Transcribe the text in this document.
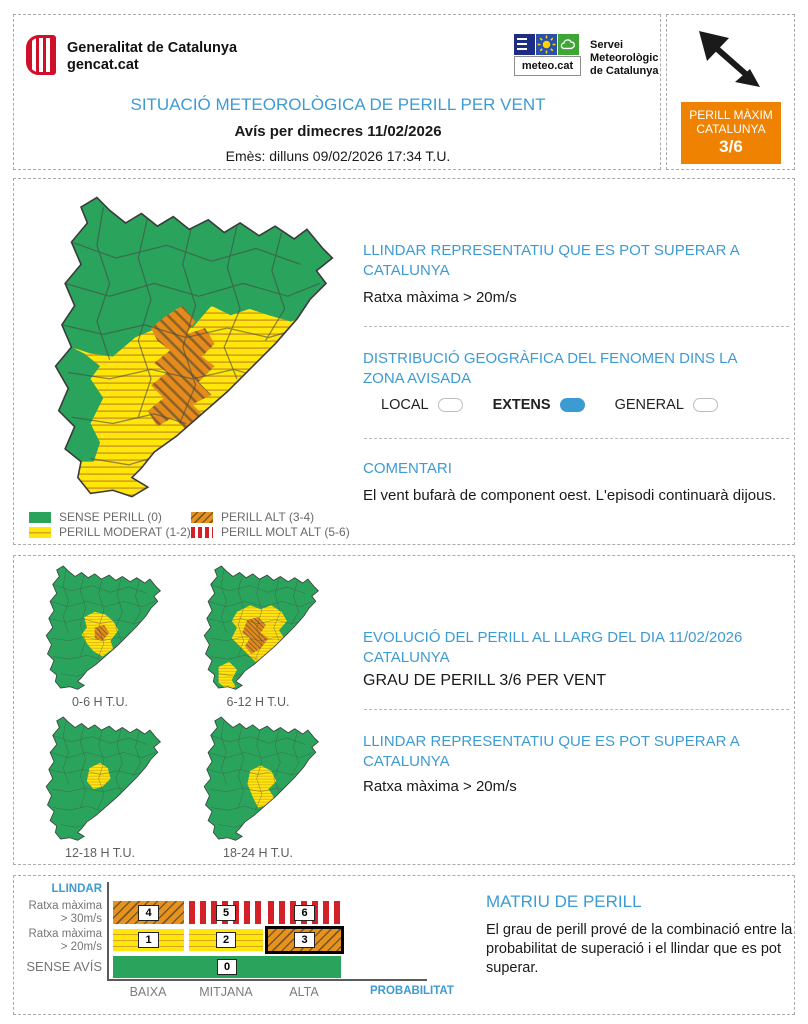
Generalitat de Catalunya
gencat.cat	meteo.cat
Servei
Meteorològic
de Catalunya
SITUACIÓ METEOROLÒGICA DE PERILL PER VENT
Avís per dimecres 11/02/2026
Emès: dilluns 09/02/2026 17:34 T.U.
PERILL MÀXIM
CATALUNYA
3/6
SENSE PERILL (0)
PERILL MODERAT (1-2)
PERILL ALT (3-4)
PERILL MOLT ALT (5-6)
LLINDAR REPRESENTATIU QUE ES POT SUPERAR A CATALUNYA
Ratxa màxima > 20m/s
DISTRIBUCIÓ GEOGRÀFICA DEL FENOMEN DINS LA ZONA AVISADA
LOCAL	EXTENS	GENERAL
COMENTARI
El vent bufarà de component oest. L'episodi continuarà dijous.
0-6 H T.U.	6-12 H T.U.
12-18 H T.U.	18-24 H T.U.
EVOLUCIÓ DEL PERILL AL LLARG DEL DIA 11/02/2026 CATALUNYA
GRAU DE PERILL 3/6 PER VENT
LLINDAR REPRESENTATIU QUE ES POT SUPERAR A CATALUNYA
Ratxa màxima > 20m/s
LLINDAR
Ratxa màxima
> 30m/s
Ratxa màxima
> 20m/s
SENSE AVÍS
4	5	6
1	2	3
0
BAIXA	MITJANA	ALTA	PROBABILITAT
MATRIU DE PERILL
El grau de perill prové de la combinació entre la probabilitat de superació i el llindar que es pot superar.
